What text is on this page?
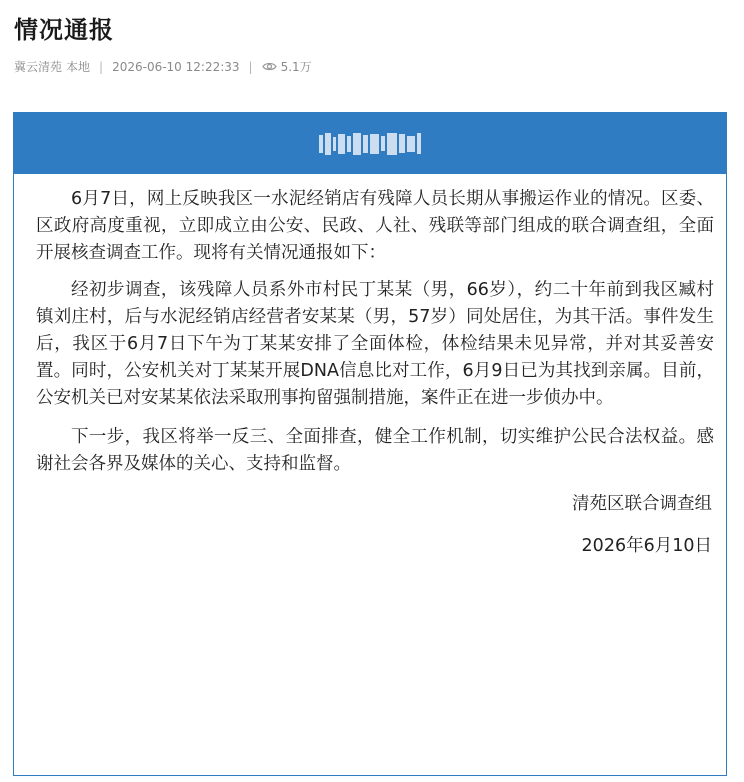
情况通报
冀云清苑 本地 | 2026-06-10 12:22:33 | 5.1万

6月7日，网上反映我区一水泥经销店有残障人员长期从事搬运作业的情况。区委、区政府高度重视，立即成立由公安、民政、人社、残联等部门组成的联合调查组，全面开展核查调查工作。现将有关情况通报如下：

经初步调查，该残障人员系外市村民丁某某（男，66岁），约二十年前到我区臧村镇刘庄村，后与水泥经销店经营者安某某（男，57岁）同处居住，为其干活。事件发生后，我区于6月7日下午为丁某某安排了全面体检，体检结果未见异常，并对其妥善安置。同时，公安机关对丁某某开展DNA信息比对工作，6月9日已为其找到亲属。目前，公安机关已对安某某依法采取刑事拘留强制措施，案件正在进一步侦办中。

下一步，我区将举一反三、全面排查，健全工作机制，切实维护公民合法权益。感谢社会各界及媒体的关心、支持和监督。

清苑区联合调查组

2026年6月10日
